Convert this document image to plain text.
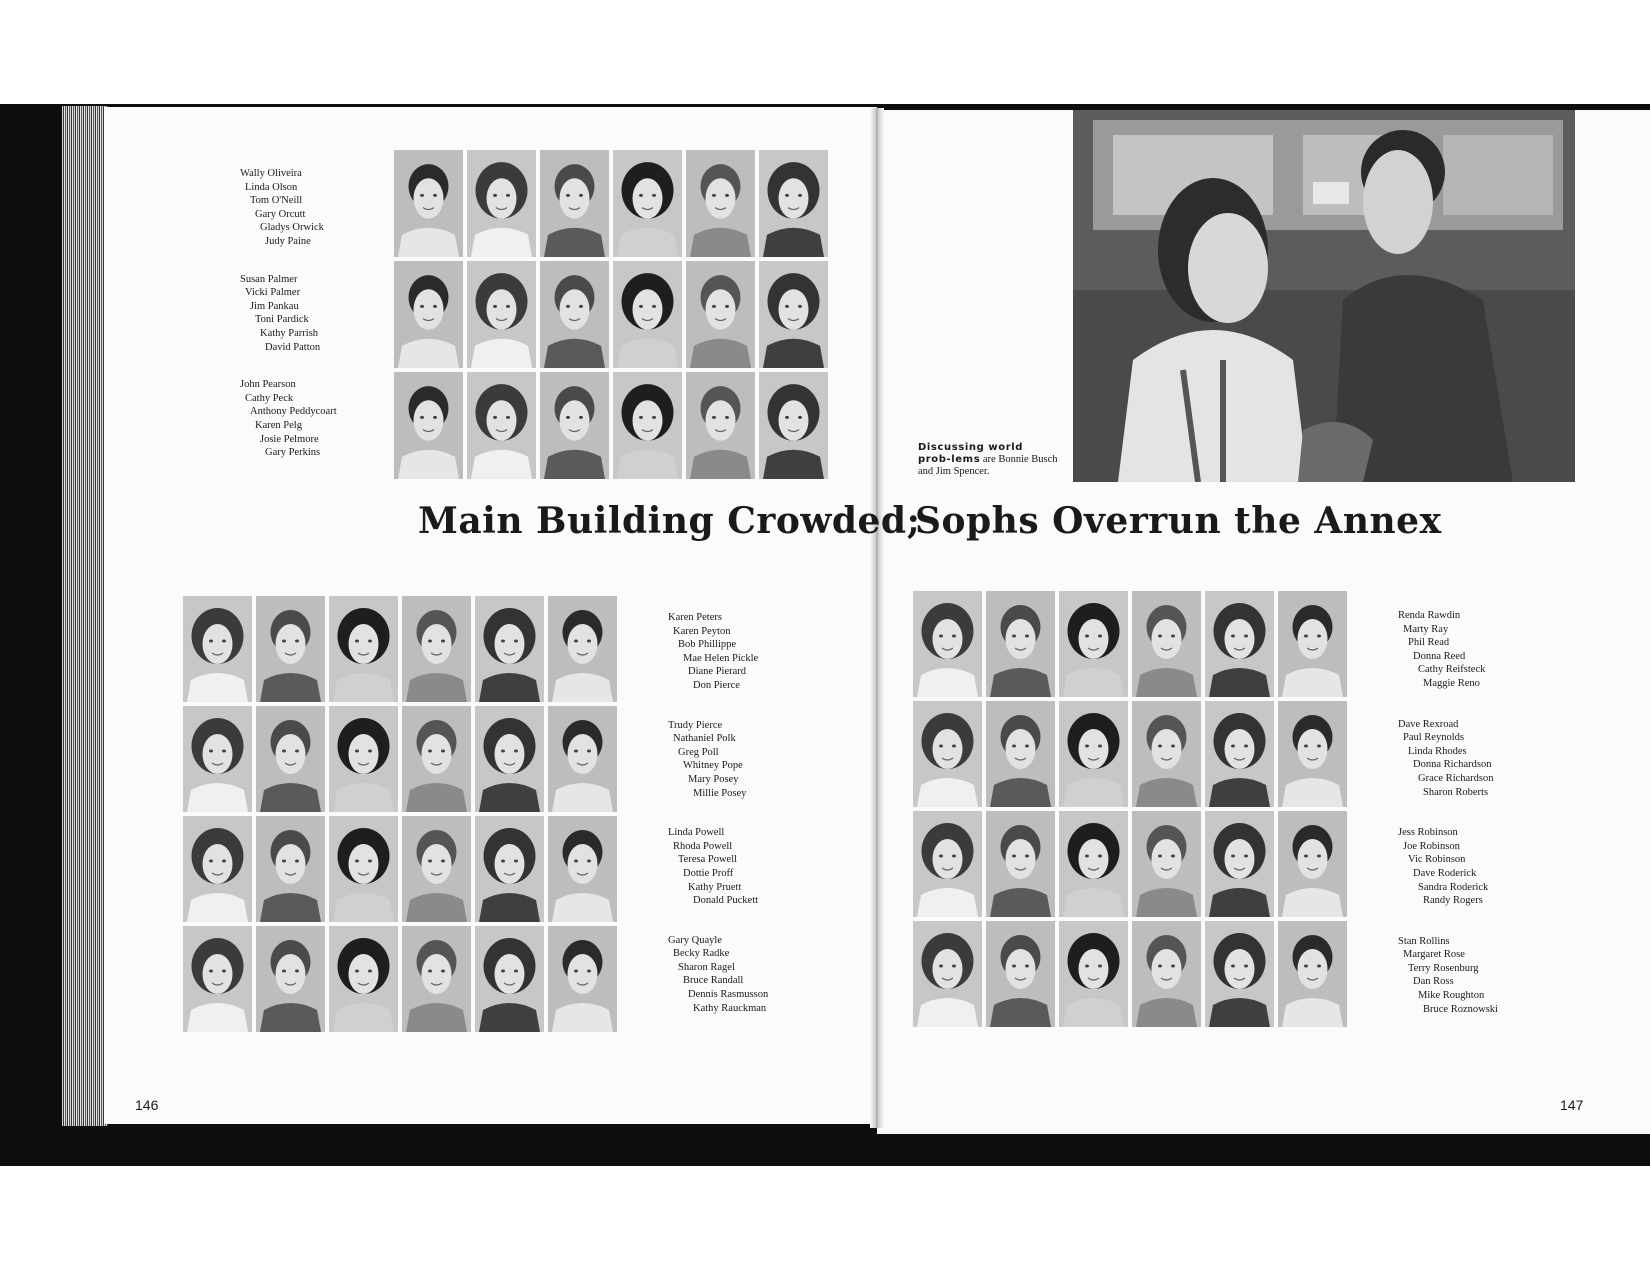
Wally Oliveira
Linda Olson
Tom O'Neill
Gary Orcutt
Gladys Orwick
Judy Paine
Susan Palmer
Vicki Palmer
Jim Pankau
Toni Pardick
Kathy Parrish
David Patton
John Pearson
Cathy Peck
Anthony Peddycoart
Karen Pelg
Josie Pelmore
Gary Perkins
Main Building Crowded;
Sophs Overrun the Annex
Discussing world prob-lems are Bonnie Busch and Jim Spencer.
Karen Peters
Karen Peyton
Bob Phillippe
Mae Helen Pickle
Diane Pierard
Don Pierce
Trudy Pierce
Nathaniel Polk
Greg Poll
Whitney Pope
Mary Posey
Millie Posey
Linda Powell
Rhoda Powell
Teresa Powell
Dottie Proff
Kathy Pruett
Donald Puckett
Gary Quayle
Becky Radke
Sharon Ragel
Bruce Randall
Dennis Rasmusson
Kathy Rauckman
Renda Rawdin
Marty Ray
Phil Read
Donna Reed
Cathy Reifsteck
Maggie Reno
Dave Rexroad
Paul Reynolds
Linda Rhodes
Donna Richardson
Grace Richardson
Sharon Roberts
Jess Robinson
Joe Robinson
Vic Robinson
Dave Roderick
Sandra Roderick
Randy Rogers
Stan Rollins
Margaret Rose
Terry Rosenburg
Dan Ross
Mike Roughton
Bruce Roznowski
146	147
